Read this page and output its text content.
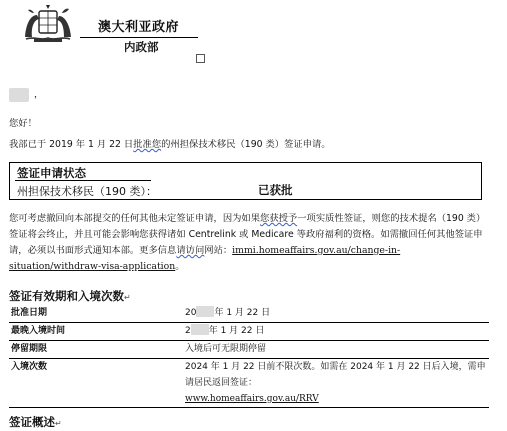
澳大利亚政府
内政部
，
您好！
我部已于 2019 年 1 月 22 日批准您的州担保技术移民（190 类）签证申请。
签证申请状态
州担保技术移民（190 类）：	已获批
您可考虑撤回向本部提交的任何其他未定签证申请，因为如果您获授予一项实质性签证，则您的技术提名（190 类）签证将会终止，并且可能会影响您获得诸如 Centrelink 或 Medicare 等政府福利的资格。如需撤回任何其他签证申请，必须以书面形式通知本部。更多信息请访问网站：immi.homeaffairs.gov.au/change-in-situation/withdraw-visa-application。
签证有效期和入境次数↵
批准日期	20 年 1 月 22 日
最晚入境时间	2 年 1 月 22 日
停留期限	入境后可无限期停留
入境次数	2024 年 1 月 22 日前不限次数。如需在 2024 年 1 月 22 日后入境，需申请居民返回签证：
www.homeaffairs.gov.au/RRV
签证概述↵
